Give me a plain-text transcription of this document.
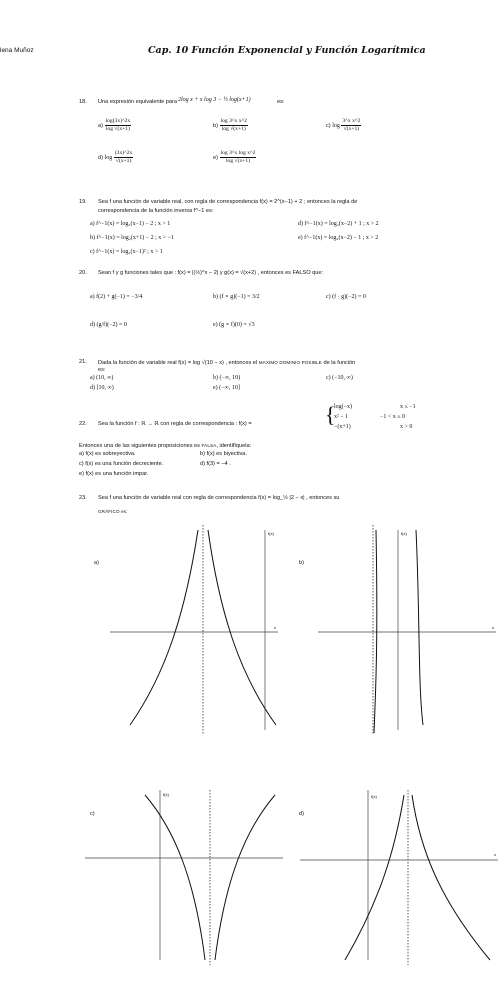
lena Muñoz	Cap. 10 Función Exponencial y Función Logarítmica
18. Una expresión equivalente para 2log x + x log 3 − ½ log(x+1)	es:
$a) \frac{\log(3x)\^{}2x}{\log √(x+1)}$	$b) \frac{\text{log 3\textasciicircum{}x x\textasciicircum{}2}}{\log √(x+1)}$	c) $\log \frac{\text{3\textasciicircum{}x x\textasciicircum{}2}}{√(x+1)}$
d) $\log \frac{(3x)\^{}2x}{√(x+1)}$	$e) \frac{\text{log 3\textasciicircum{}x log x\textasciicircum{}2}}{\log √(x+1)}$
19. Sea f una función de variable real, con regla de correspondencia f(x) = 2^(x−1) + 2 ; entonces la regla de
correspondencia de la función inversa f^−1 es:
a) f^−1(x) = log₂(x−1) − 2 ; x > 1	d) f^−1(x) = log₂(x−2) + 1 ; x > 2
b) f^−1(x) = log₂(x+1) − 2 ; x > −1	e) f^−1(x) = log₂(x−2) − 1 ; x > 2
c) f^−1(x) = log₂(x−1)² ; x > 1
20. Sean f y g funciones tales que : f(x) = |(½)^x − 2| y g(x) = √(x+2) , entonces es FALSO que:
a) f(2) + g(−1) = −3/4	b) (f ∘ g)(−1) = 3/2	c) (f · g)(−2) = 0
d) (g/f)(−2) = 0	e) (g ∘ f)(0) = √3
21. Dada la función de variable real f(x) = log √(10 − x) , entonces el MAXIMO DOMINIO POSIBLE de la función
es:
a) (10, ∞)	b) (−∞, 10)	c) (−10, ∞)
d) [10, ∞)	e) (−∞, 10]
22. Sea la función f : ℝ → ℝ con regla de correspondencia : f(x) =	{
log(−x)	x ≤ −1
x² − 1	−1 < x ≤ 0
−(x+1)	x > 0
Entonces una de las siguientes proposiciones es FALSA, identifíquela:
a) f(x) es sobreyectiva.	b) f(x) es biyectiva.
c) f(x) es una función decreciente.	d) f(3) = −4 .
e) f(x) es una función impar.
23. Sea f una función de variable real con regla de correspondencia f(x) = log_½ |2 − x| , entonces su
GRÁFICO es:
a)	b)
c)	d)
f(x)
x
f(x)
x
f(x)	f(x)
x
